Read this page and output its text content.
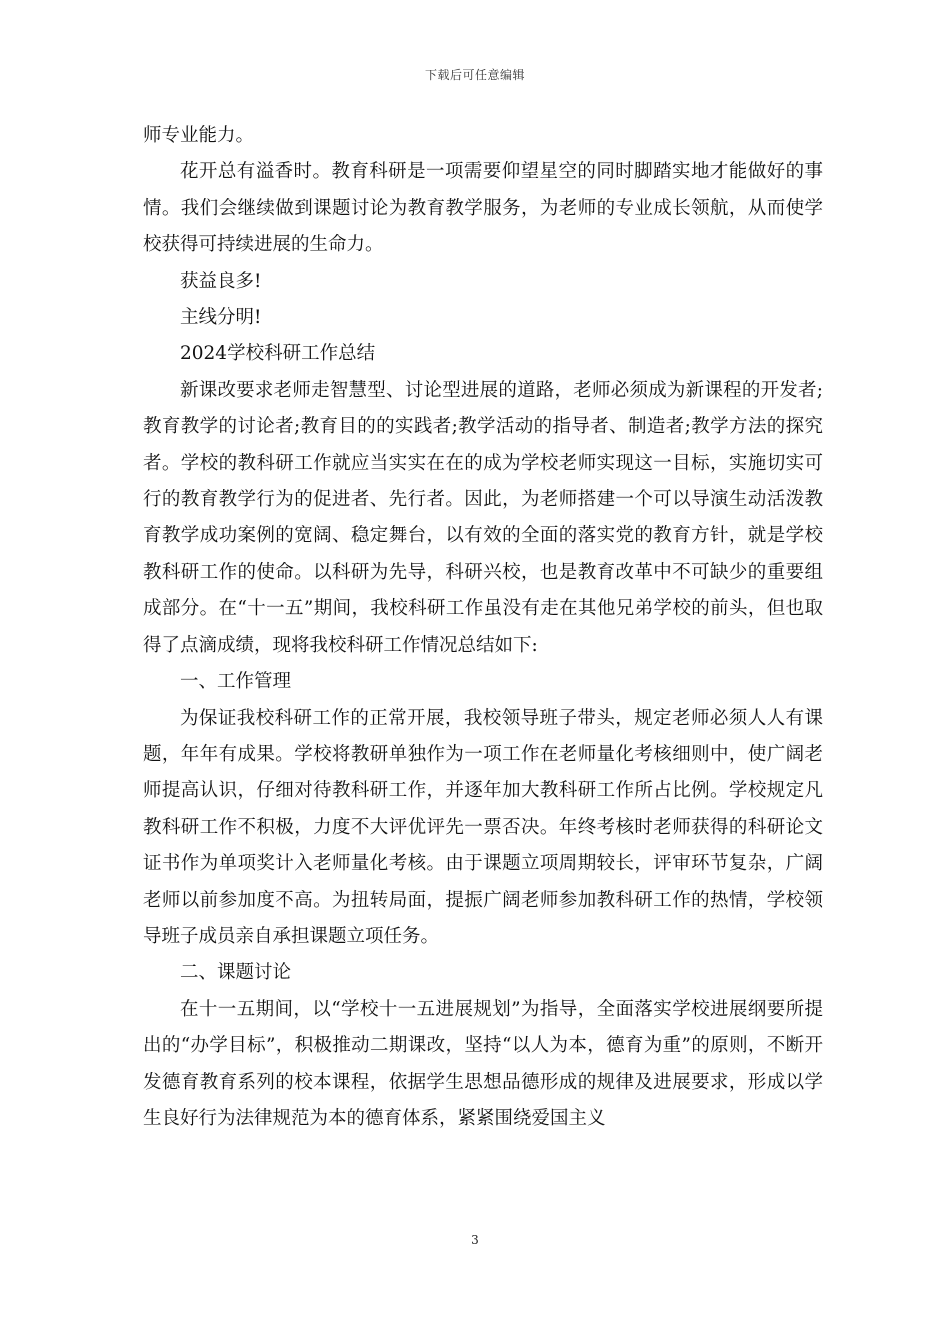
下载后可任意编辑

师专业能力。

花开总有溢香时。教育科研是一项需要仰望星空的同时脚踏实地才能做好的事情。我们会继续做到课题讨论为教育教学服务，为老师的专业成长领航，从而使学校获得可持续进展的生命力。

获益良多!

主线分明!

2024学校科研工作总结

新课改要求老师走智慧型、讨论型进展的道路，老师必须成为新课程的开发者;教育教学的讨论者;教育目的的实践者;教学活动的指导者、制造者;教学方法的探究者。学校的教科研工作就应当实实在在的成为学校老师实现这一目标，实施切实可行的教育教学行为的促进者、先行者。因此，为老师搭建一个可以导演生动活泼教育教学成功案例的宽阔、稳定舞台，以有效的全面的落实党的教育方针，就是学校教科研工作的使命。以科研为先导，科研兴校，也是教育改革中不可缺少的重要组成部分。在“十一五”期间，我校科研工作虽没有走在其他兄弟学校的前头，但也取得了点滴成绩，现将我校科研工作情况总结如下:

一、工作管理

为保证我校科研工作的正常开展，我校领导班子带头，规定老师必须人人有课题，年年有成果。学校将教研单独作为一项工作在老师量化考核细则中，使广阔老师提高认识，仔细对待教科研工作，并逐年加大教科研工作所占比例。学校规定凡教科研工作不积极，力度不大评优评先一票否决。年终考核时老师获得的科研论文证书作为单项奖计入老师量化考核。由于课题立项周期较长，评审环节复杂，广阔老师以前参加度不高。为扭转局面，提振广阔老师参加教科研工作的热情，学校领导班子成员亲自承担课题立项任务。

二、课题讨论

在十一五期间，以“学校十一五进展规划”为指导，全面落实学校进展纲要所提出的“办学目标”，积极推动二期课改，坚持“以人为本，德育为重”的原则，不断开发德育教育系列的校本课程，依据学生思想品德形成的规律及进展要求，形成以学生良好行为法律规范为本的德育体系，紧紧围绕爱国主义

3
